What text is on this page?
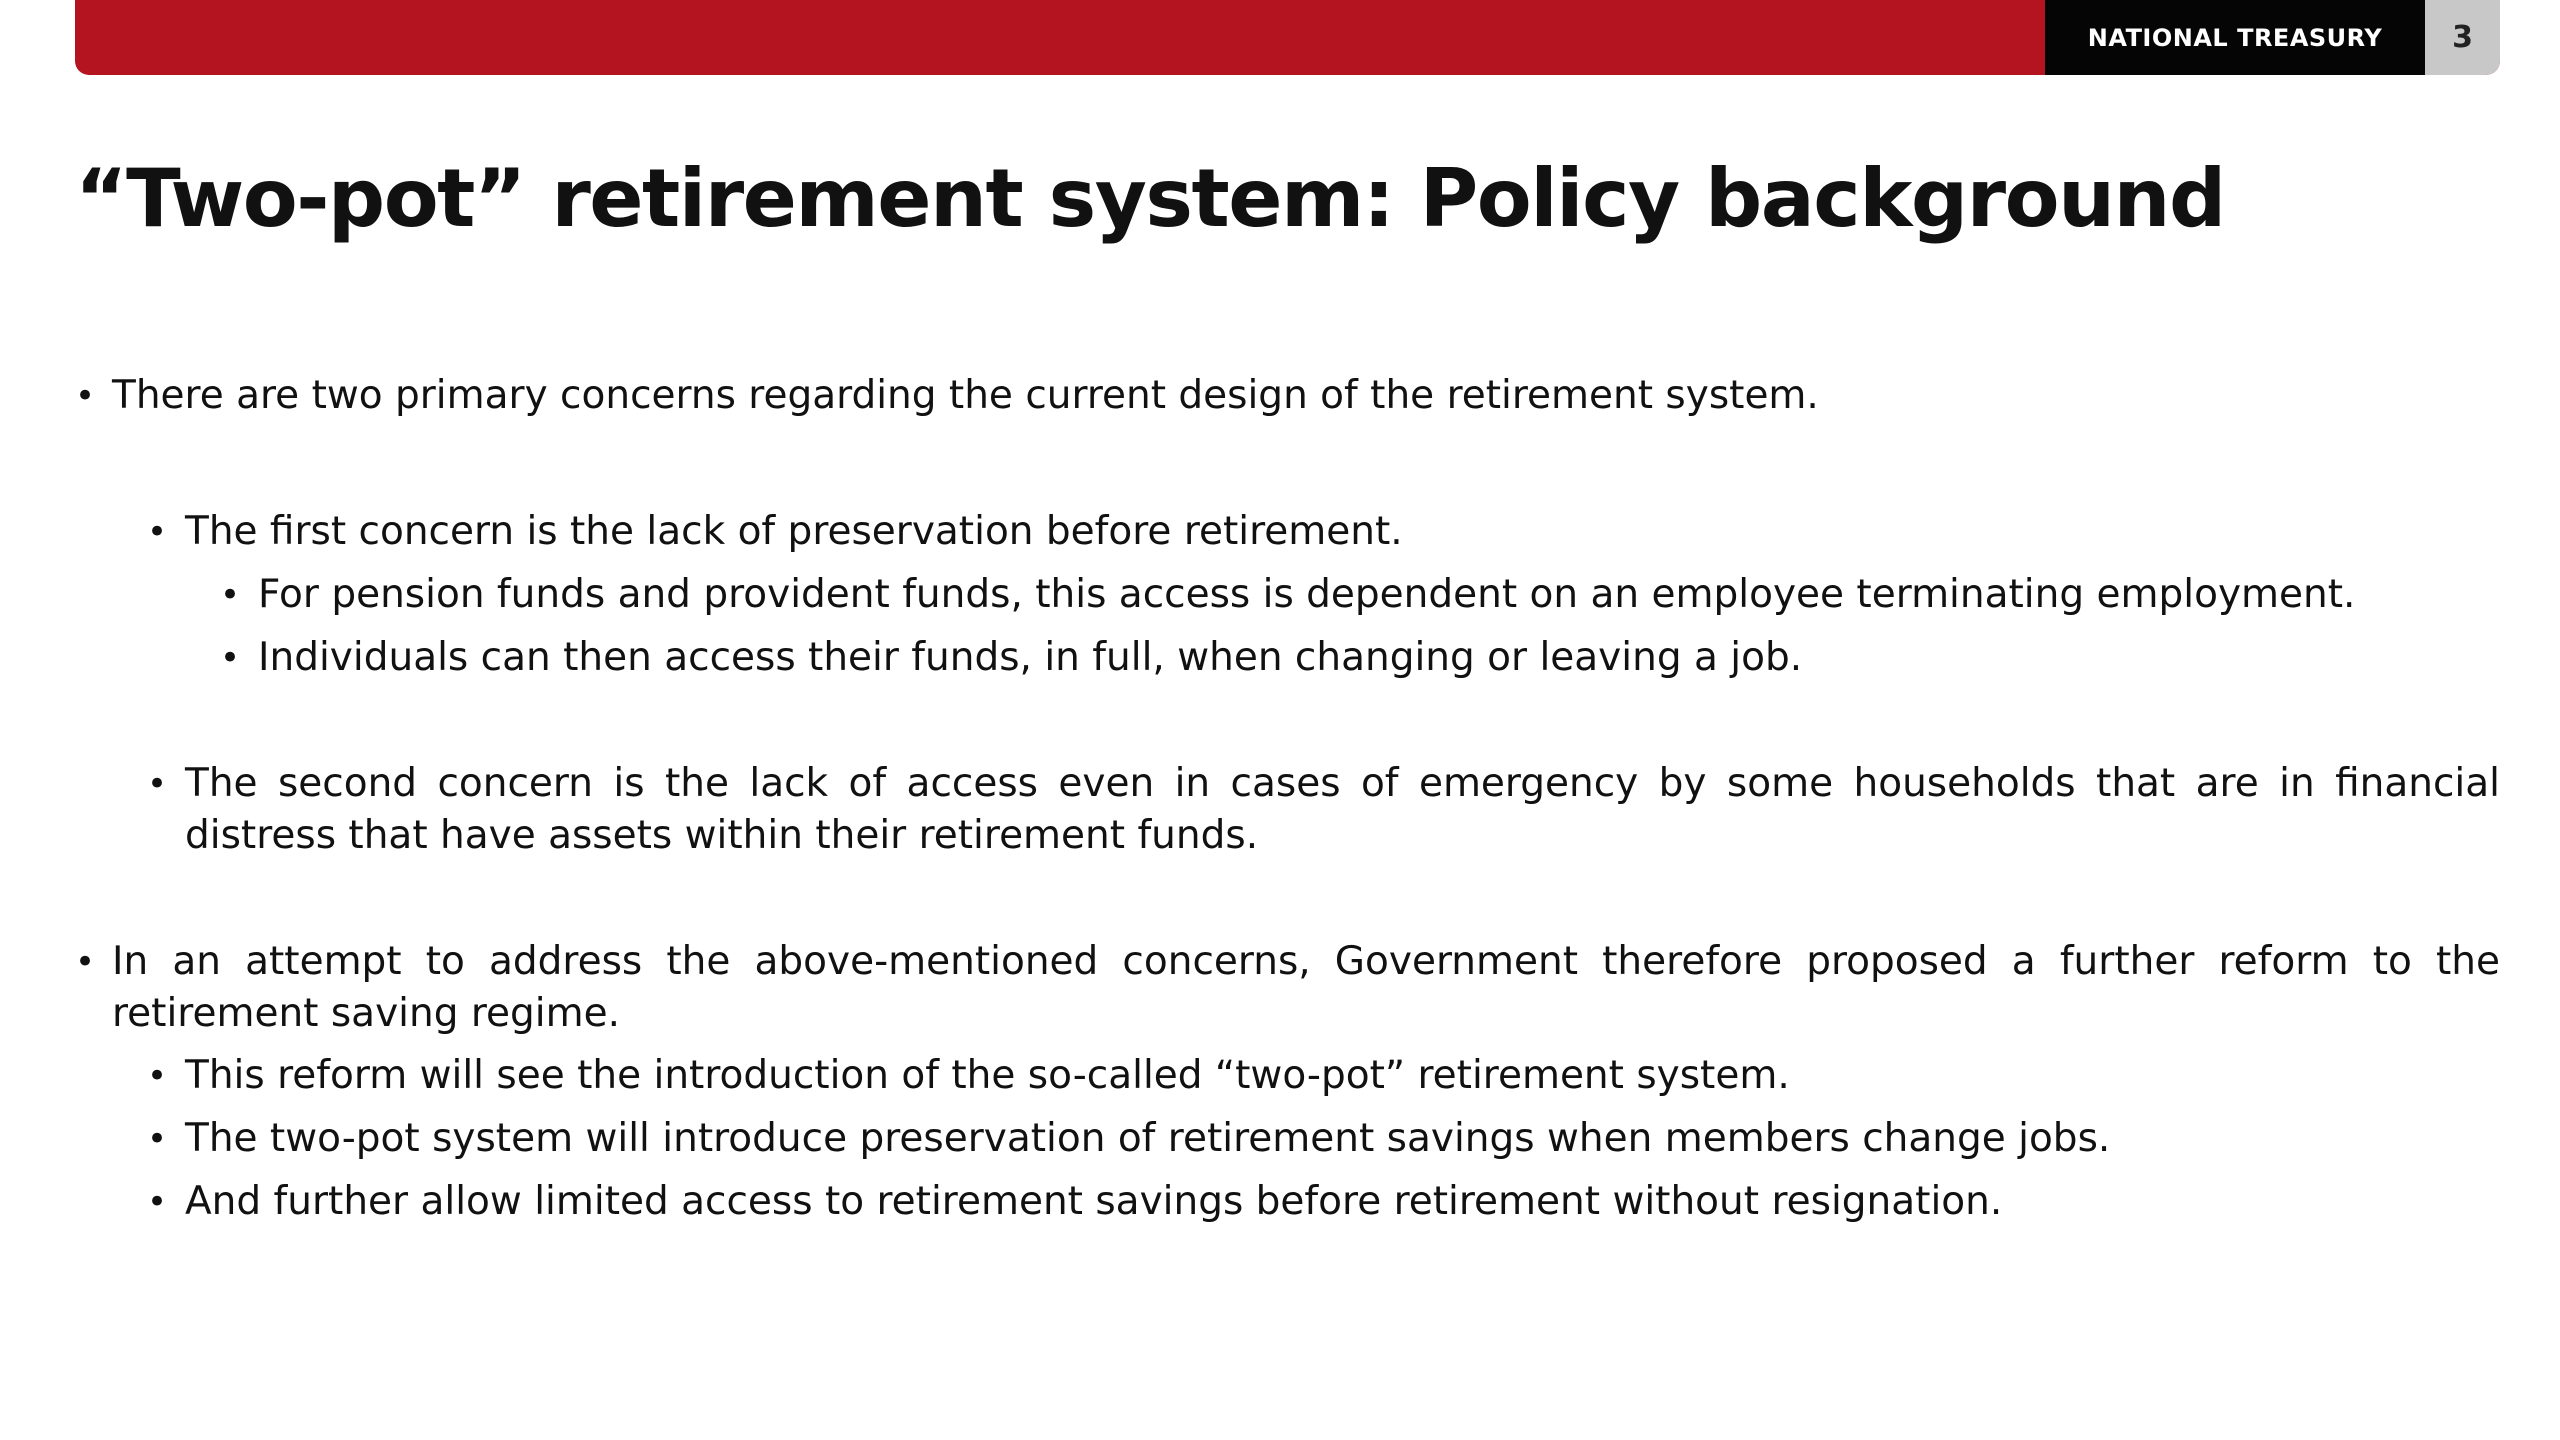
NATIONAL TREASURY 3
“Two-pot” retirement system: Policy background
• There are two primary concerns regarding the current design of the retirement system.
• The first concern is the lack of preservation before retirement.
• For pension funds and provident funds, this access is dependent on an employee terminating employment.
• Individuals can then access their funds, in full, when changing or leaving a job.
• The second concern is the lack of access even in cases of emergency by some households that are in financial distress that have assets within their retirement funds.
• In an attempt to address the above-mentioned concerns, Government therefore proposed a further reform to the retirement saving regime.
• This reform will see the introduction of the so-called “two-pot” retirement system.
• The two-pot system will introduce preservation of retirement savings when members change jobs.
• And further allow limited access to retirement savings before retirement without resignation.
